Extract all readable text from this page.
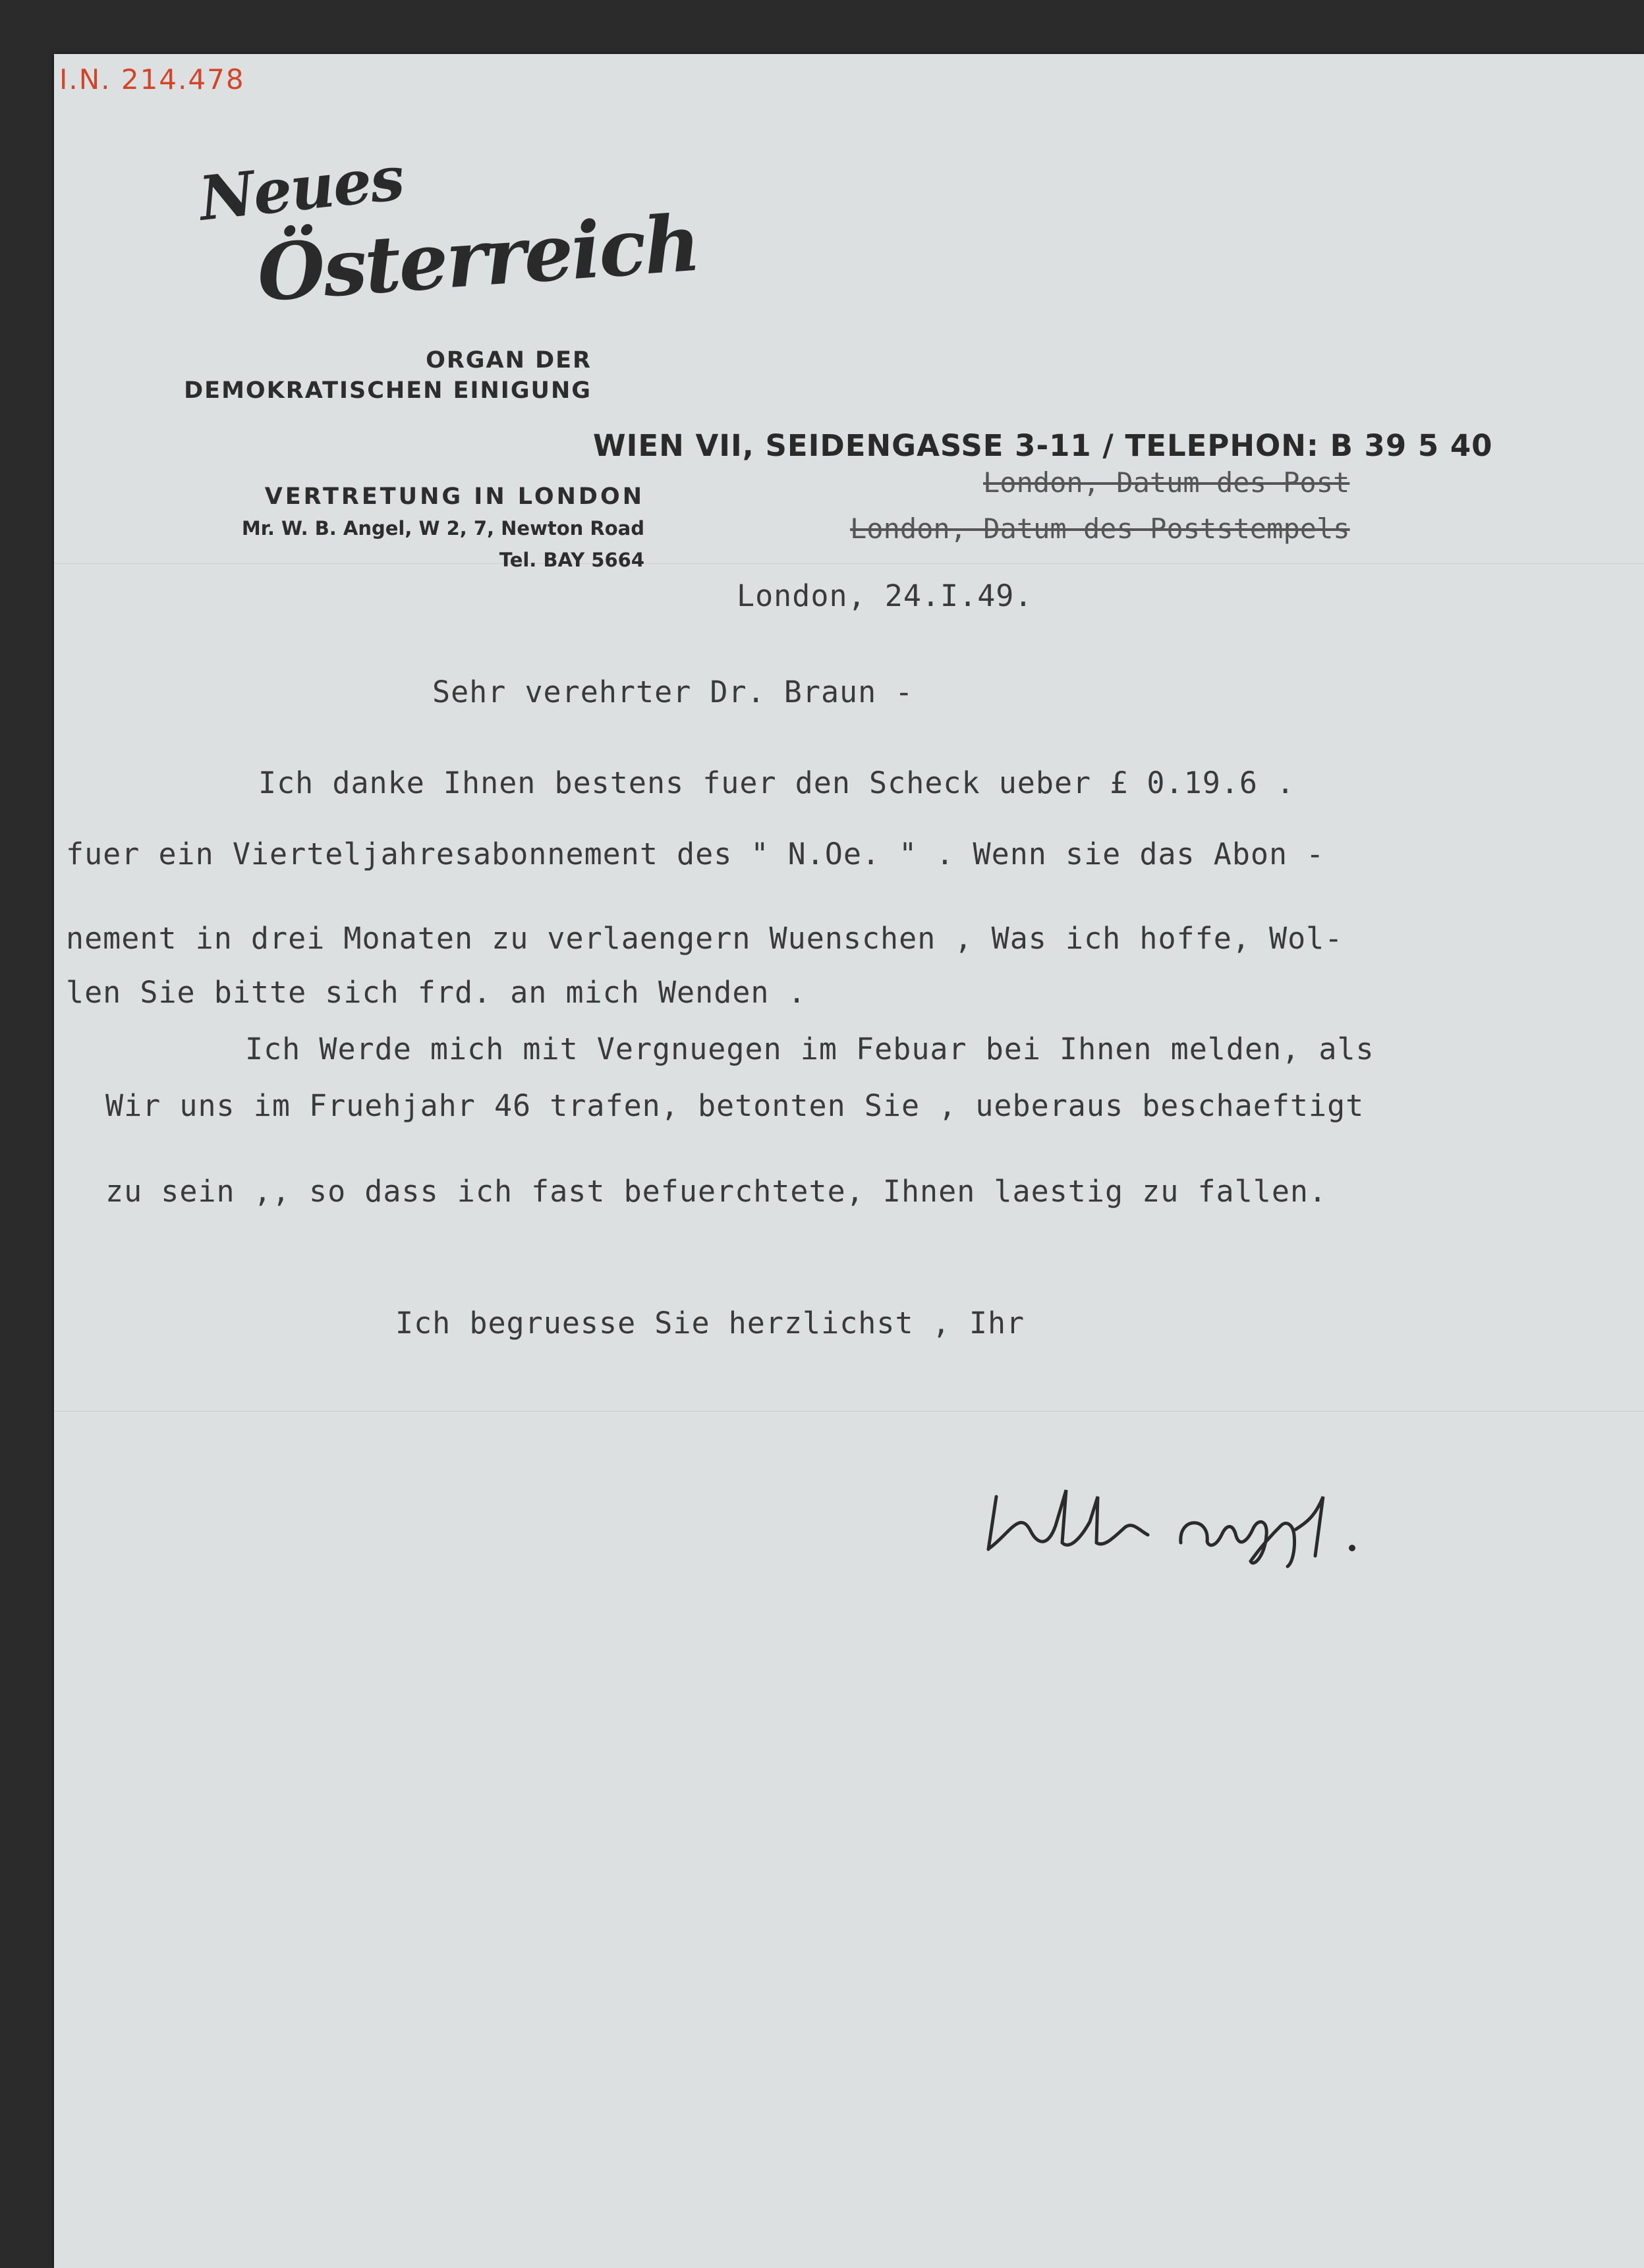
I.N. 214.478
Neues
Österreich
ORGAN DER
DEMOKRATISCHEN EINIGUNG
WIEN VII, SEIDENGASSE 3-11 / TELEPHON: B 39 5 40
VERTRETUNG IN LONDON
Mr. W. B. Angel, W 2, 7, Newton Road
Tel. BAY 5664
London, Datum des Post
London, Datum des Poststempels
London, 24.I.49.
Sehr verehrter Dr. Braun -
Ich danke Ihnen bestens fuer den Scheck ueber £ 0.19.6 .
fuer ein Vierteljahresabonnement des " N.Oe. " . Wenn sie das Abon -
nement in drei Monaten zu verlaengern Wuenschen , Was ich hoffe, Wol-
len Sie bitte sich frd. an mich Wenden .
Ich Werde mich mit Vergnuegen im Febuar bei Ihnen melden, als
Wir uns im Fruehjahr 46 trafen, betonten Sie , ueberaus beschaeftigt
zu sein ,, so dass ich fast befuerchtete, Ihnen laestig zu fallen.
Ich begruesse Sie herzlichst , Ihr
